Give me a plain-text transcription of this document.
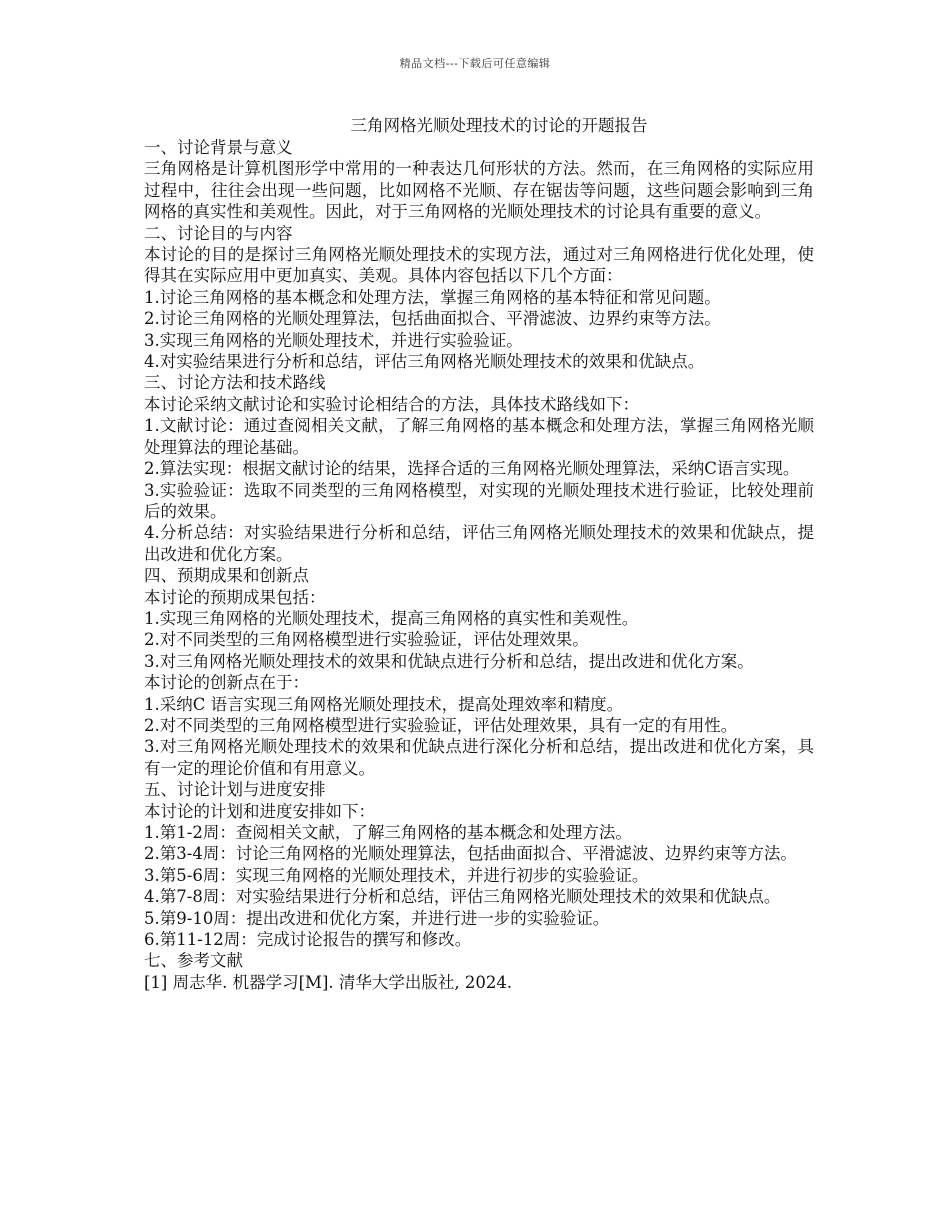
精品文档---下载后可任意编辑

三角网格光顺处理技术的讨论的开题报告

一、讨论背景与意义

三角网格是计算机图形学中常用的一种表达几何形状的方法。然而，在三角网格的实际应用过程中，往往会出现一些问题，比如网格不光顺、存在锯齿等问题，这些问题会影响到三角网格的真实性和美观性。因此，对于三角网格的光顺处理技术的讨论具有重要的意义。

二、讨论目的与内容

本讨论的目的是探讨三角网格光顺处理技术的实现方法，通过对三角网格进行优化处理，使得其在实际应用中更加真实、美观。具体内容包括以下几个方面：

1.讨论三角网格的基本概念和处理方法，掌握三角网格的基本特征和常见问题。

2.讨论三角网格的光顺处理算法，包括曲面拟合、平滑滤波、边界约束等方法。

3.实现三角网格的光顺处理技术，并进行实验验证。

4.对实验结果进行分析和总结，评估三角网格光顺处理技术的效果和优缺点。

三、讨论方法和技术路线

本讨论采纳文献讨论和实验讨论相结合的方法，具体技术路线如下：

1.文献讨论：通过查阅相关文献，了解三角网格的基本概念和处理方法，掌握三角网格光顺处理算法的理论基础。

2.算法实现：根据文献讨论的结果，选择合适的三角网格光顺处理算法，采纳C语言实现。

3.实验验证：选取不同类型的三角网格模型，对实现的光顺处理技术进行验证，比较处理前后的效果。

4.分析总结：对实验结果进行分析和总结，评估三角网格光顺处理技术的效果和优缺点，提出改进和优化方案。

四、预期成果和创新点

本讨论的预期成果包括：

1.实现三角网格的光顺处理技术，提高三角网格的真实性和美观性。

2.对不同类型的三角网格模型进行实验验证，评估处理效果。

3.对三角网格光顺处理技术的效果和优缺点进行分析和总结，提出改进和优化方案。

本讨论的创新点在于：

1.采纳C 语言实现三角网格光顺处理技术，提高处理效率和精度。

2.对不同类型的三角网格模型进行实验验证，评估处理效果，具有一定的有用性。

3.对三角网格光顺处理技术的效果和优缺点进行深化分析和总结，提出改进和优化方案，具有一定的理论价值和有用意义。

五、讨论计划与进度安排

本讨论的计划和进度安排如下：

1.第1-2周：查阅相关文献，了解三角网格的基本概念和处理方法。

2.第3-4周：讨论三角网格的光顺处理算法，包括曲面拟合、平滑滤波、边界约束等方法。

3.第5-6周：实现三角网格的光顺处理技术，并进行初步的实验验证。

4.第7-8周：对实验结果进行分析和总结，评估三角网格光顺处理技术的效果和优缺点。

5.第9-10周：提出改进和优化方案，并进行进一步的实验验证。

6.第11-12周：完成讨论报告的撰写和修改。

七、参考文献

[1] 周志华. 机器学习[M]. 清华大学出版社, 2024.
